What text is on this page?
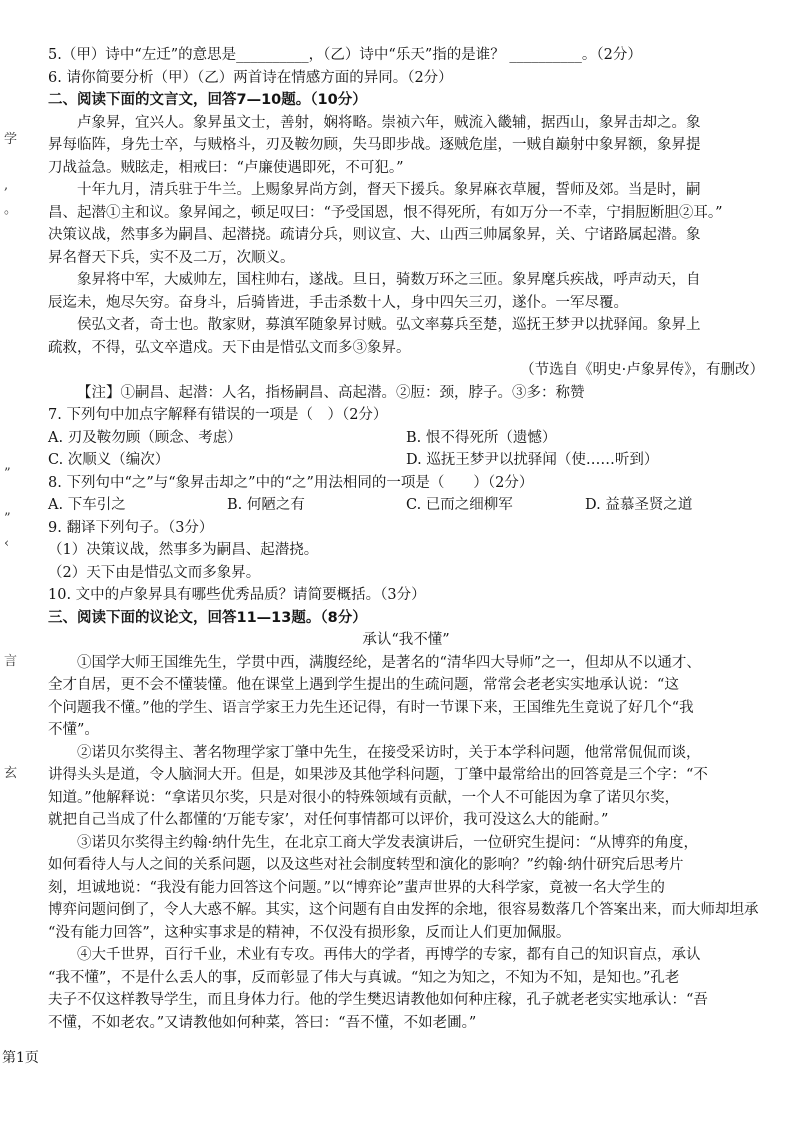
学
,
。
”
”
‹
言
玄

5.（甲）诗中“左迁”的意思是__________，（乙）诗中“乐天”指的是谁？ __________。（2分）

6. 请你简要分析（甲）（乙）两首诗在情感方面的异同。（2分）

二、阅读下面的文言文，回答7—10题。（10分）

卢象昇，宜兴人。象昇虽文士，善射，娴将略。崇祯六年，贼流入畿辅，据西山，象昇击却之。象

昇每临阵，身先士卒，与贼格斗，刃及鞍勿顾，失马即步战。逐贼危崖，一贼自巅射中象昇额，象昇提

刀战益急。贼眩走，相戒曰：“卢廉使遇即死，不可犯。”

十年九月，清兵驻于牛兰。上赐象昇尚方剑，督天下援兵。象昇麻衣草履，誓师及郊。当是时，嗣

昌、起潜①主和议。象昇闻之，顿足叹曰：“予受国恩，恨不得死所，有如万分一不幸，宁捐脰断胆②耳。”

决策议战，然事多为嗣昌、起潜挠。疏请分兵，则议宣、大、山西三帅属象昇，关、宁诸路属起潜。象

昇名督天下兵，实不及二万，次顺义。

象昇将中军，大威帅左，国柱帅右，遂战。旦日，骑数万环之三匝。象昇麾兵疾战，呼声动天，自

辰迄未，炮尽矢穷。奋身斗，后骑皆进，手击杀数十人，身中四矢三刃，遂仆。一军尽覆。

侯弘文者，奇士也。散家财，募滇军随象昇讨贼。弘文率募兵至楚，巡抚王梦尹以扰驿闻。象昇上

疏救，不得，弘文卒遣戍。天下由是惜弘文而多③象昇。

（节选自《明史·卢象昇传》，有删改）

【注】①嗣昌、起潜：人名，指杨嗣昌、高起潜。②脰：颈，脖子。③多：称赞

7. 下列句中加点字解释有错误的一项是（　）（2分）

A. 刃及鞍勿顾（顾念、考虑）	B. 恨不得死所（遗憾）
C. 次顺义（编次）	D. 巡抚王梦尹以扰驿闻（使……听到）

8. 下列句中“之”与“象昇击却之”中的“之”用法相同的一项是（　　）（2分）

A. 下车引之	B. 何陋之有	C. 已而之细柳军	D. 益慕圣贤之道

9. 翻译下列句子。（3分）

（1）决策议战，然事多为嗣昌、起潜挠。

（2）天下由是惜弘文而多象昇。

10. 文中的卢象昇具有哪些优秀品质？请简要概括。（3分）

三、阅读下面的议论文，回答11—13题。（8分）

承认“我不懂”

①国学大师王国维先生，学贯中西，满腹经纶，是著名的“清华四大导师”之一，但却从不以通才、

全才自居，更不会不懂装懂。他在课堂上遇到学生提出的生疏问题，常常会老老实实地承认说：“这

个问题我不懂。”他的学生、语言学家王力先生还记得，有时一节课下来，王国维先生竟说了好几个“我

不懂”。

②诺贝尔奖得主、著名物理学家丁肇中先生，在接受采访时，关于本学科问题，他常常侃侃而谈，

讲得头头是道，令人脑洞大开。但是，如果涉及其他学科问题，丁肇中最常给出的回答竟是三个字：“不

知道。”他解释说：“拿诺贝尔奖，只是对很小的特殊领域有贡献，一个人不可能因为拿了诺贝尔奖，

就把自己当成了什么都懂的‘万能专家’，对任何事情都可以评价，我可没这么大的能耐。”

③诺贝尔奖得主约翰·纳什先生，在北京工商大学发表演讲后，一位研究生提问：“从博弈的角度，

如何看待人与人之间的关系问题，以及这些对社会制度转型和演化的影响？”约翰·纳什研究后思考片

刻，坦诚地说：“我没有能力回答这个问题。”以“博弈论”蜚声世界的大科学家，竟被一名大学生的

博弈问题问倒了，令人大惑不解。其实，这个问题有自由发挥的余地，很容易数落几个答案出来，而大师却坦承

“没有能力回答”，这种实事求是的精神，不仅没有损形象，反而让人们更加佩服。

④大千世界，百行千业，术业有专攻。再伟大的学者，再博学的专家，都有自己的知识盲点，承认

“我不懂”，不是什么丢人的事，反而彰显了伟大与真诚。“知之为知之，不知为不知，是知也。”孔老

夫子不仅这样教导学生，而且身体力行。他的学生樊迟请教他如何种庄稼，孔子就老老实实地承认：“吾

不懂，不如老农。”又请教他如何种菜，答曰：“吾不懂，不如老圃。”

第1页
